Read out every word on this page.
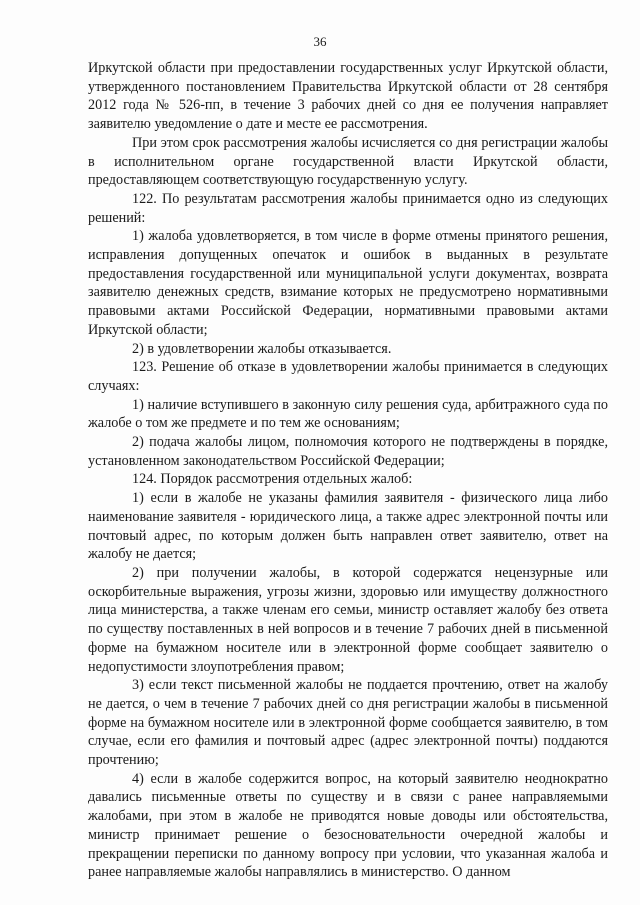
36

Иркутской области при предоставлении государственных услуг Иркутской области, утвержденного постановлением Правительства Иркутской области от 28 сентября 2012 года № 526-пп, в течение 3 рабочих дней со дня ее получения направляет заявителю уведомление о дате и месте ее рассмотрения.

При этом срок рассмотрения жалобы исчисляется со дня регистрации жалобы в исполнительном органе государственной власти Иркутской области, предоставляющем соответствующую государственную услугу.

122. По результатам рассмотрения жалобы принимается одно из следующих решений:

1) жалоба удовлетворяется, в том числе в форме отмены принятого решения, исправления допущенных опечаток и ошибок в выданных в результате предоставления государственной или муниципальной услуги документах, возврата заявителю денежных средств, взимание которых не предусмотрено нормативными правовыми актами Российской Федерации, нормативными правовыми актами Иркутской области;

2) в удовлетворении жалобы отказывается.

123. Решение об отказе в удовлетворении жалобы принимается в следующих случаях:

1) наличие вступившего в законную силу решения суда, арбитражного суда по жалобе о том же предмете и по тем же основаниям;

2) подача жалобы лицом, полномочия которого не подтверждены в порядке, установленном законодательством Российской Федерации;

124. Порядок рассмотрения отдельных жалоб:

1) если в жалобе не указаны фамилия заявителя - физического лица либо наименование заявителя - юридического лица, а также адрес электронной почты или почтовый адрес, по которым должен быть направлен ответ заявителю, ответ на жалобу не дается;

2) при получении жалобы, в которой содержатся нецензурные или оскорбительные выражения, угрозы жизни, здоровью или имуществу должностного лица министерства, а также членам его семьи, министр оставляет жалобу без ответа по существу поставленных в ней вопросов и в течение 7 рабочих дней в письменной форме на бумажном носителе или в электронной форме сообщает заявителю о недопустимости злоупотребления правом;

3) если текст письменной жалобы не поддается прочтению, ответ на жалобу не дается, о чем в течение 7 рабочих дней со дня регистрации жалобы в письменной форме на бумажном носителе или в электронной форме сообщается заявителю, в том случае, если его фамилия и почтовый адрес (адрес электронной почты) поддаются прочтению;

4) если в жалобе содержится вопрос, на который заявителю неоднократно давались письменные ответы по существу и в связи с ранее направляемыми жалобами, при этом в жалобе не приводятся новые доводы или обстоятельства, министр принимает решение о безосновательности очередной жалобы и прекращении переписки по данному вопросу при условии, что указанная жалоба и ранее направляемые жалобы направлялись в министерство. О данном
